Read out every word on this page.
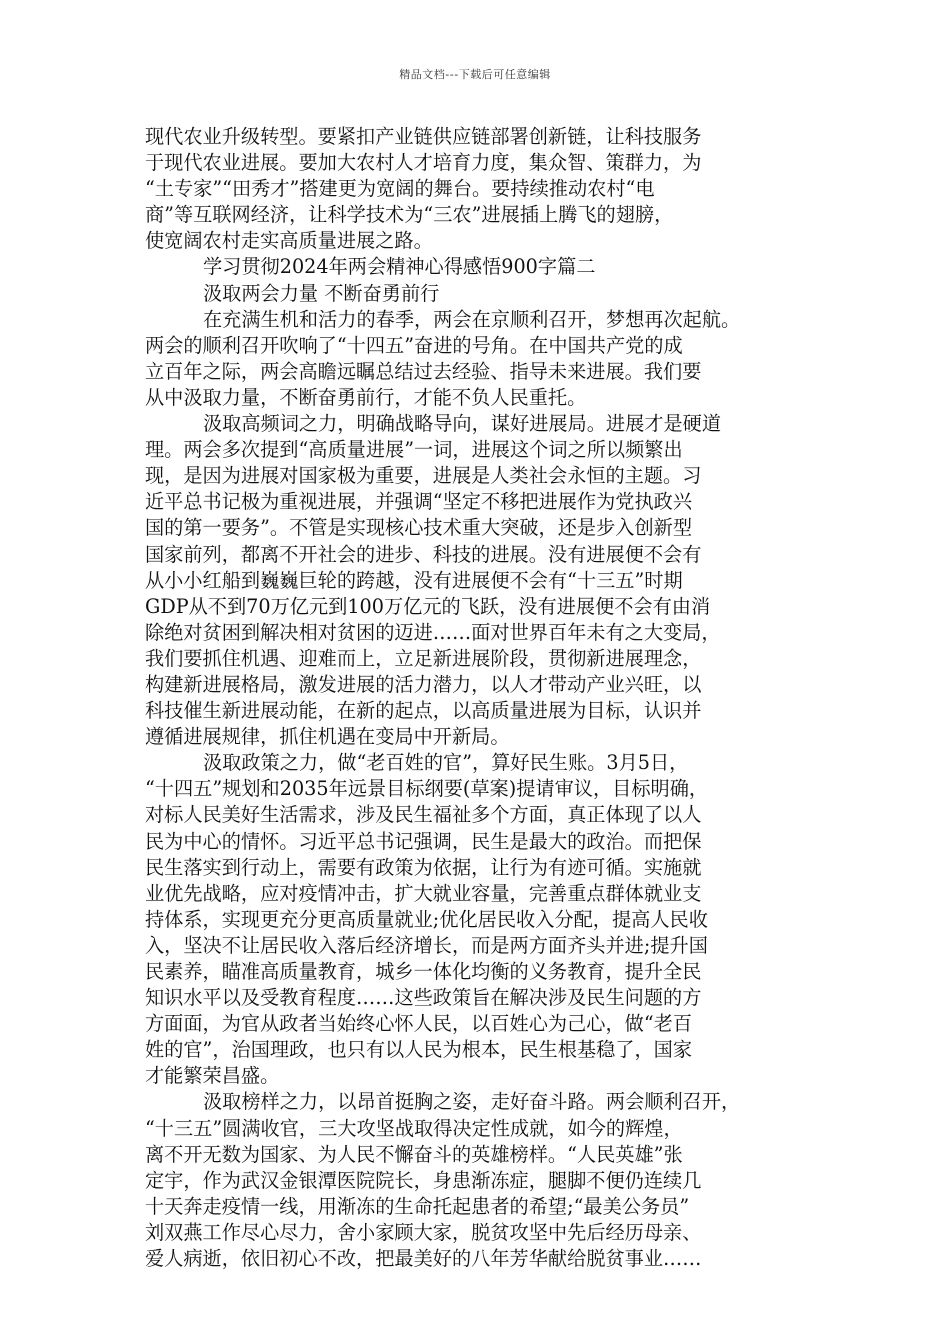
精品文档---下载后可任意编辑
现代农业升级转型。要紧扣产业链供应链部署创新链，让科技服务
于现代农业进展。要加大农村人才培育力度，集众智、策群力，为
“土专家”“田秀才”搭建更为宽阔的舞台。要持续推动农村“电
商”等互联网经济，让科学技术为“三农”进展插上腾飞的翅膀，
使宽阔农村走实高质量进展之路。
学习贯彻2024年两会精神心得感悟900字篇二
汲取两会力量 不断奋勇前行
在充满生机和活力的春季，两会在京顺利召开，梦想再次起航。
两会的顺利召开吹响了“十四五”奋进的号角。在中国共产党的成
立百年之际，两会高瞻远瞩总结过去经验、指导未来进展。我们要
从中汲取力量，不断奋勇前行，才能不负人民重托。
汲取高频词之力，明确战略导向，谋好进展局。进展才是硬道
理。两会多次提到“高质量进展”一词，进展这个词之所以频繁出
现，是因为进展对国家极为重要，进展是人类社会永恒的主题。习
近平总书记极为重视进展，并强调“坚定不移把进展作为党执政兴
国的第一要务”。不管是实现核心技术重大突破，还是步入创新型
国家前列，都离不开社会的进步、科技的进展。没有进展便不会有
从小小红船到巍巍巨轮的跨越，没有进展便不会有“十三五”时期
GDP从不到70万亿元到100万亿元的飞跃，没有进展便不会有由消
除绝对贫困到解决相对贫困的迈进……面对世界百年未有之大变局，
我们要抓住机遇、迎难而上，立足新进展阶段，贯彻新进展理念，
构建新进展格局，激发进展的活力潜力，以人才带动产业兴旺，以
科技催生新进展动能，在新的起点，以高质量进展为目标，认识并
遵循进展规律，抓住机遇在变局中开新局。
汲取政策之力，做“老百姓的官”，算好民生账。3月5日，
“十四五”规划和2035年远景目标纲要(草案)提请审议，目标明确，
对标人民美好生活需求，涉及民生福祉多个方面，真正体现了以人
民为中心的情怀。习近平总书记强调，民生是最大的政治。而把保
民生落实到行动上，需要有政策为依据，让行为有迹可循。实施就
业优先战略，应对疫情冲击，扩大就业容量，完善重点群体就业支
持体系，实现更充分更高质量就业;优化居民收入分配，提高人民收
入，坚决不让居民收入落后经济增长，而是两方面齐头并进;提升国
民素养，瞄准高质量教育，城乡一体化均衡的义务教育，提升全民
知识水平以及受教育程度……这些政策旨在解决涉及民生问题的方
方面面，为官从政者当始终心怀人民，以百姓心为己心，做“老百
姓的官”，治国理政，也只有以人民为根本，民生根基稳了，国家
才能繁荣昌盛。
汲取榜样之力，以昂首挺胸之姿，走好奋斗路。两会顺利召开，
“十三五”圆满收官，三大攻坚战取得决定性成就，如今的辉煌，
离不开无数为国家、为人民不懈奋斗的英雄榜样。“人民英雄”张
定宇，作为武汉金银潭医院院长，身患渐冻症，腿脚不便仍连续几
十天奔走疫情一线，用渐冻的生命托起患者的希望;“最美公务员”
刘双燕工作尽心尽力，舍小家顾大家，脱贫攻坚中先后经历母亲、
爱人病逝，依旧初心不改，把最美好的八年芳华献给脱贫事业……
